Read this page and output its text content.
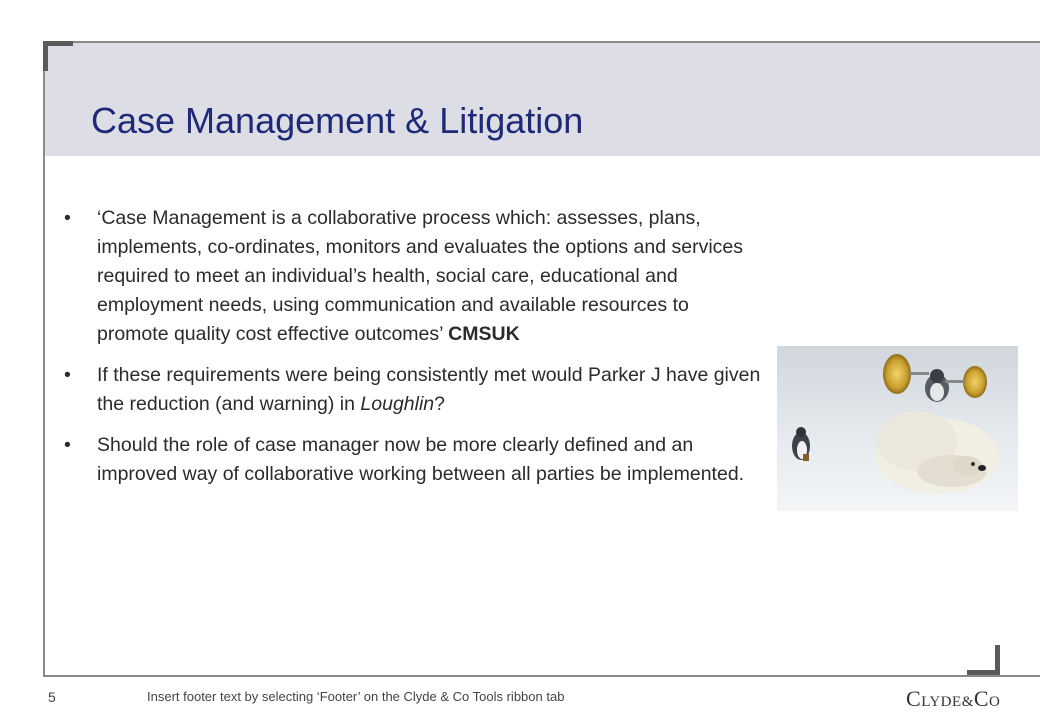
Case Management & Litigation
• ‘Case Management is a collaborative process which: assesses, plans, implements, co-ordinates, monitors and evaluates the options and services required to meet an individual’s health, social care, educational and employment needs, using communication and available resources to promote quality cost effective outcomes’ CMSUK
• If these requirements were being consistently met would Parker J have given the reduction (and warning) in Loughlin?
• Should the role of case manager now be more clearly defined and an improved way of collaborative working between all parties be implemented.
5	Insert footer text by selecting ‘Footer’ on the Clyde & Co Tools ribbon tab	CLYDE&CO
